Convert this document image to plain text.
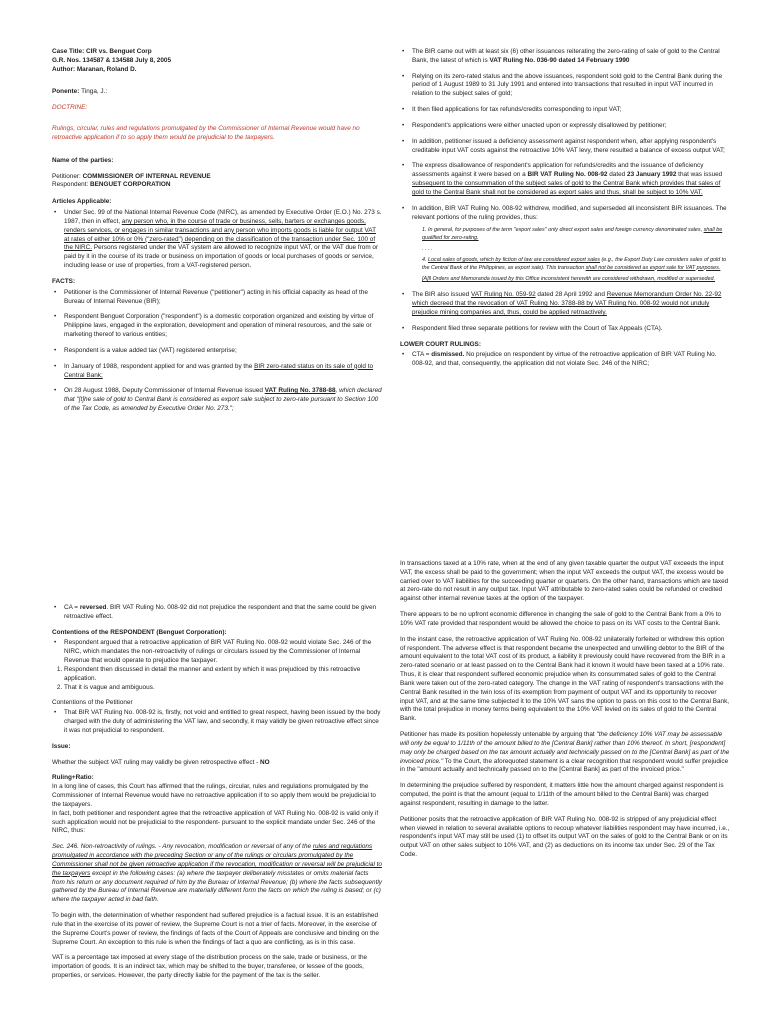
Case Title: CIR vs. Benguet Corp
G.R. Nos. 134587 & 134588 July 8, 2005
Author: Maranan, Roland D.

Ponente: Tinga, J.:

DOCTRINE:

Rulings, circular, rules and regulations promulgated by the Commissioner of Internal Revenue would have no retroactive application if to so apply them would be prejudicial to the taxpayers.

Name of the parties:

Petitioner: COMMISSIONER OF INTERNAL REVENUE
Respondent: BENGUET CORPORATION
Articles Applicable:
• Under Sec. 99 of the National Internal Revenue Code (NIRC), as amended by Executive Order (E.O.) No. 273 s. 1987, then in effect, any person who, in the course of trade or business, sells, barters or exchanges goods, renders services, or engages in similar transactions and any person who imports goods is liable for output VAT at rates of either 10% or 0% ("zero-rated") depending on the classification of the transaction under Sec. 100 of the NIRC. Persons registered under the VAT system are allowed to recognize input VAT, or the VAT due from or paid by it in the course of its trade or business on importation of goods or local purchases of goods or service, including lease or use of properties, from a VAT-registered person.
FACTS:
• Petitioner is the Commissioner of Internal Revenue ("petitioner") acting in his official capacity as head of the Bureau of Internal Revenue (BIR);
• Respondent Benguet Corporation ("respondent") is a domestic corporation organized and existing by virtue of Philippine laws, engaged in the exploration, development and operation of mineral resources, and the sale or marketing thereof to various entities;
• Respondent is a value added tax (VAT) registered enterprise;
• In January of 1988, respondent applied for and was granted by the BIR zero-rated status on its sale of gold to Central Bank;
• On 28 August 1988, Deputy Commissioner of Internal Revenue issued VAT Ruling No. 3788-88, which declared that "[t]he sale of gold to Central Bank is considered as export sale subject to zero-rate pursuant to Section 100 of the Tax Code, as amended by Executive Order No. 273.";
• The BIR came out with at least six (6) other issuances reiterating the zero-rating of sale of gold to the Central Bank, the latest of which is VAT Ruling No. 036-90 dated 14 February 1990
• Relying on its zero-rated status and the above issuances, respondent sold gold to the Central Bank during the period of 1 August 1989 to 31 July 1991 and entered into transactions that resulted in input VAT incurred in relation to the subject sales of gold;
• It then filed applications for tax refunds/credits corresponding to input VAT;
• Respondent's applications were either unacted upon or expressly disallowed by petitioner;
• In addition, petitioner issued a deficiency assessment against respondent when, after applying respondent's creditable input VAT costs against the retroactive 10% VAT levy, there resulted a balance of excess output VAT;
• The express disallowance of respondent's application for refunds/credits and the issuance of deficiency assessments against it were based on a BIR VAT Ruling No. 008-92 dated 23 January 1992 that was issued subsequent to the consummation of the subject sales of gold to the Central Bank which provides that sales of gold to the Central Bank shall not be considered as export sales and thus, shall be subject to 10% VAT.
• In addition, BIR VAT Ruling No. 008-92 withdrew, modified, and superseded all inconsistent BIR issuances. The relevant portions of the ruling provides, thus:
1. In general, for purposes of the term "export sales" only direct export sales and foreign currency denominated sales, shall be qualified for zero-rating.
. . . .
4. Local sales of goods, which by fiction of law are considered export sales (e.g., the Export Duty Law considers sales of gold to the Central Bank of the Philippines, as export sale). This transaction shall not be considered as export sale for VAT purposes.
[A]ll Orders and Memoranda issued by this Office inconsistent herewith are considered withdrawn, modified or superseded.
• The BIR also issued VAT Ruling No. 059-92 dated 28 April 1992 and Revenue Memorandum Order No. 22-92 which decreed that the revocation of VAT Ruling No. 3788-88 by VAT Ruling No. 008-92 would not unduly prejudice mining companies and, thus, could be applied retroactively.
• Respondent filed three separate petitions for review with the Court of Tax Appeals (CTA).
LOWER COURT RULINGS:
• CTA = dismissed. No prejudice on respondent by virtue of the retroactive application of BIR VAT Ruling No. 008-92, and that, consequently, the application did not violate Sec. 246 of the NIRC;
• CA = reversed. BIR VAT Ruling No. 008-92 did not prejudice the respondent and that the same could be given retroactive effect.
Contentions of the RESPONDENT (Benguet Corporation):
• Respondent argued that a retroactive application of BIR VAT Ruling No. 008-92 would violate Sec. 246 of the NIRC, which mandates the non-retroactivity of rulings or circulars issued by the Commissioner of Internal Revenue that would operate to prejudice the taxpayer.
1. Respondent then discussed in detail the manner and extent by which it was prejudiced by this retroactive application.
2. That it is vague and ambiguous.
Contentions of the Petitioner
• That BIR VAT Ruling No. 008-92 is, firstly, not void and entitled to great respect, having been issued by the body charged with the duty of administering the VAT law, and secondly, it may validly be given retroactive effect since it was not prejudicial to respondent.

Issue:

Whether the subject VAT ruling may validly be given retrospective effect - NO

Ruling+Ratio:
In a long line of cases, this Court has affirmed that the rulings, circular, rules and regulations promulgated by the Commissioner of Internal Revenue would have no retroactive application if to so apply them would be prejudicial to the taxpayers.

In fact, both petitioner and respondent agree that the retroactive application of VAT Ruling No. 008-92 is valid only if such application would not be prejudicial to the respondent- pursuant to the explicit mandate under Sec. 246 of the NIRC, thus:

Sec. 246. Non-retroactivity of rulings. - Any revocation, modification or reversal of any of the rules and regulations promulgated in accordance with the preceding Section or any of the rulings or circulars promulgated by the Commissioner shall not be given retroactive application if the revocation, modification or reversal will be prejudicial to the taxpayers except in the following cases: (a) where the taxpayer deliberately misstates or omits material facts from his return or any document required of him by the Bureau of Internal Revenue; (b) where the facts subsequently gathered by the Bureau of Internal Revenue are materially different form the facts on which the ruling is based; or (c) where the taxpayer acted in bad faith.

To begin with, the determination of whether respondent had suffered prejudice is a factual issue. It is an established rule that in the exercise of its power of review, the Supreme Court is not a trier of facts. Moreover, in the exercise of the Supreme Court's power of review, the findings of facts of the Court of Appeals are conclusive and binding on the Supreme Court. An exception to this rule is when the findings of fact a quo are conflicting, as is in this case.

VAT is a percentage tax imposed at every stage of the distribution process on the sale, trade or business, or the importation of goods. It is an indirect tax, which may be shifted to the buyer, transferee, or lessee of the goods, properties, or services. However, the party directly liable for the payment of the tax is the seller.

In transactions taxed at a 10% rate, when at the end of any given taxable quarter the output VAT exceeds the input VAT, the excess shall be paid to the government; when the input VAT exceeds the output VAT, the excess would be carried over to VAT liabilities for the succeeding quarter or quarters. On the other hand, transactions which are taxed at zero-rate do not result in any output tax. Input VAT attributable to zero-rated sales could be refunded or credited against other internal revenue taxes at the option of the taxpayer.

There appears to be no upfront economic difference in changing the sale of gold to the Central Bank from a 0% to 10% VAT rate provided that respondent would be allowed the choice to pass on its VAT costs to the Central Bank.

In the instant case, the retroactive application of VAT Ruling No. 008-92 unilaterally forfeited or withdrew this option of respondent. The adverse effect is that respondent became the unexpected and unwilling debtor to the BIR of the amount equivalent to the total VAT cost of its product, a liability it previously could have recovered from the BIR in a zero-rated scenario or at least passed on to the Central Bank had it known it would have been taxed at a 10% rate. Thus, it is clear that respondent suffered economic prejudice when its consummated sales of gold to the Central Bank were taken out of the zero-rated category. The change in the VAT rating of respondent's transactions with the Central Bank resulted in the twin loss of its exemption from payment of output VAT and its opportunity to recover input VAT, and at the same time subjected it to the 10% VAT sans the option to pass on this cost to the Central Bank, with the total prejudice in money terms being equivalent to the 10% VAT levied on its sales of gold to the Central Bank.

Petitioner has made its position hopelessly untenable by arguing that "the deficiency 10% VAT may be assessable will only be equal to 1/11th of the amount billed to the [Central Bank] rather than 10% thereof. In short, [respondent] may only be charged based on the tax amount actually and technically passed on to the [Central Bank] as part of the invoiced price." To the Court, the aforequoted statement is a clear recognition that respondent would suffer prejudice in the "amount actually and technically passed on to the [Central Bank] as part of the invoiced price."

In determining the prejudice suffered by respondent, it matters little how the amount charged against respondent is computed, the point is that the amount (equal to 1/11th of the amount billed to the Central Bank) was charged against respondent, resulting in damage to the latter.

Petitioner posits that the retroactive application of BIR VAT Ruling No. 008-92 is stripped of any prejudicial effect when viewed in relation to several available options to recoup whatever liabilities respondent may have incurred, i.e., respondent's input VAT may still be used (1) to offset its output VAT on the sales of gold to the Central Bank or on its output VAT on other sales subject to 10% VAT, and (2) as deductions on its income tax under Sec. 29 of the Tax Code.
